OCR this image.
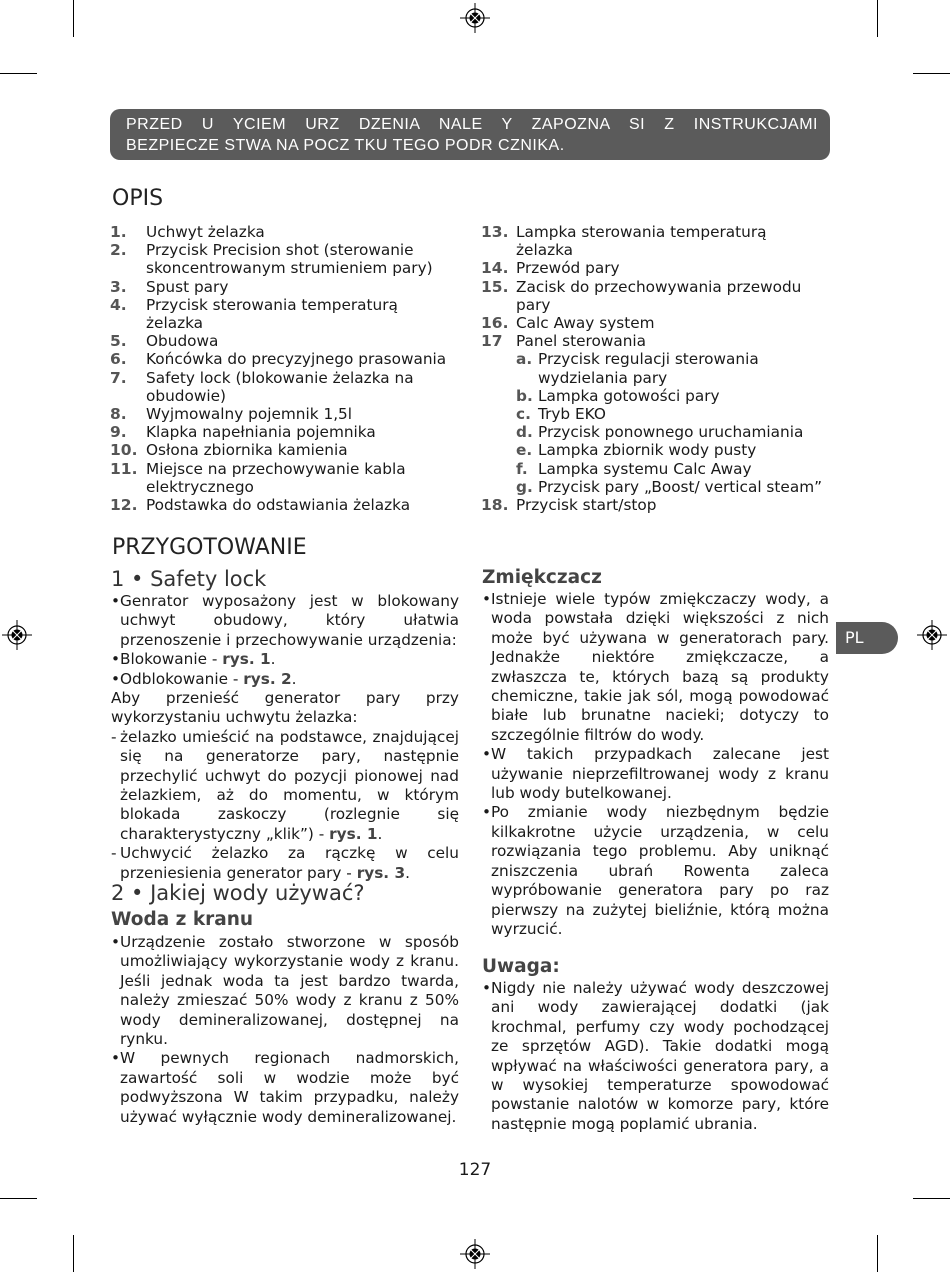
PRZED U YCIEM URZ DZENIA NALE Y ZAPOZNA SI Z INSTRUKCJAMI
BEZPIECZE STWA NA POCZ TKU TEGO PODR CZNIKA.
OPIS
1.	Uchwyt żelazka
2.	Przycisk Precision shot (sterowanie skoncentrowanym strumieniem pary)
3.	Spust pary
4.	Przycisk sterowania temperaturą żelazka
5.	Obudowa
6.	Końcówka do precyzyjnego prasowania
7.	Safety lock (blokowanie żelazka na obudowie)
8.	Wyjmowalny pojemnik 1,5l
9.	Klapka napełniania pojemnika
10. Osłona zbiornika kamienia
11. Miejsce na przechowywanie kabla elektrycznego
12. Podstawka do odstawiania żelazka
13. Lampka sterowania temperaturą żelazka
14. Przewód pary
15. Zacisk do przechowywania przewodu pary
16. Calc Away system
17 Panel sterowania
a. Przycisk regulacji sterowania wydzielania pary
b. Lampka gotowości pary
c. Tryb EKO
d. Przycisk ponownego uruchamiania
e. Lampka zbiornik wody pusty
f. Lampka systemu Calc Away
g. Przycisk pary „Boost/ vertical steam”
18. Przycisk start/stop
PRZYGOTOWANIE
1 • Safety lock
• Genrator wyposażony jest w blokowany uchwyt obudowy, który ułatwia przenoszenie i przechowywanie urządzenia:
• Blokowanie - rys. 1.
• Odblokowanie - rys. 2.
Aby przenieść generator pary przy wykorzystaniu uchwytu żelazka:
- żelazko umieścić na podstawce, znajdującej się na generatorze pary, następnie przechylić uchwyt do pozycji pionowej nad żelazkiem, aż do momentu, w którym blokada zaskoczy (rozlegnie się charakterystyczny „klik”) - rys. 1.
- Uchwycić żelazko za rączkę w celu przeniesienia generator pary - rys. 3.
2 • Jakiej wody używać?
Woda z kranu
• Urządzenie zostało stworzone w sposób umożliwiający wykorzystanie wody z kranu. Jeśli jednak woda ta jest bardzo twarda, należy zmieszać 50% wody z kranu z 50% wody demineralizowanej, dostępnej na rynku.
• W pewnych regionach nadmorskich, zawartość soli w wodzie może być podwyższona W takim przypadku, należy używać wyłącznie wody demineralizowanej.
Zmiękczacz
• Istnieje wiele typów zmiękczaczy wody, a woda powstała dzięki większości z nich może być używana w generatorach pary. Jednakże niektóre zmiękczacze, a zwłaszcza te, których bazą są produkty chemiczne, takie jak sól, mogą powodować białe lub brunatne nacieki; dotyczy to szczególnie filtrów do wody.
• W takich przypadkach zalecane jest używanie nieprzefiltrowanej wody z kranu lub wody butelkowanej.
• Po zmianie wody niezbędnym będzie kilkakrotne użycie urządzenia, w celu rozwiązania tego problemu. Aby uniknąć zniszczenia ubrań Rowenta zaleca wypróbowanie generatora pary po raz pierwszy na zużytej bieliźnie, którą można wyrzucić.
Uwaga:
• Nigdy nie należy używać wody deszczowej ani wody zawierającej dodatki (jak krochmal, perfumy czy wody pochodzącej ze sprzętów AGD). Takie dodatki mogą wpływać na właściwości generatora pary, a w wysokiej temperaturze spowodować powstanie nalotów w komorze pary, które następnie mogą poplamić ubrania.
PL
127
